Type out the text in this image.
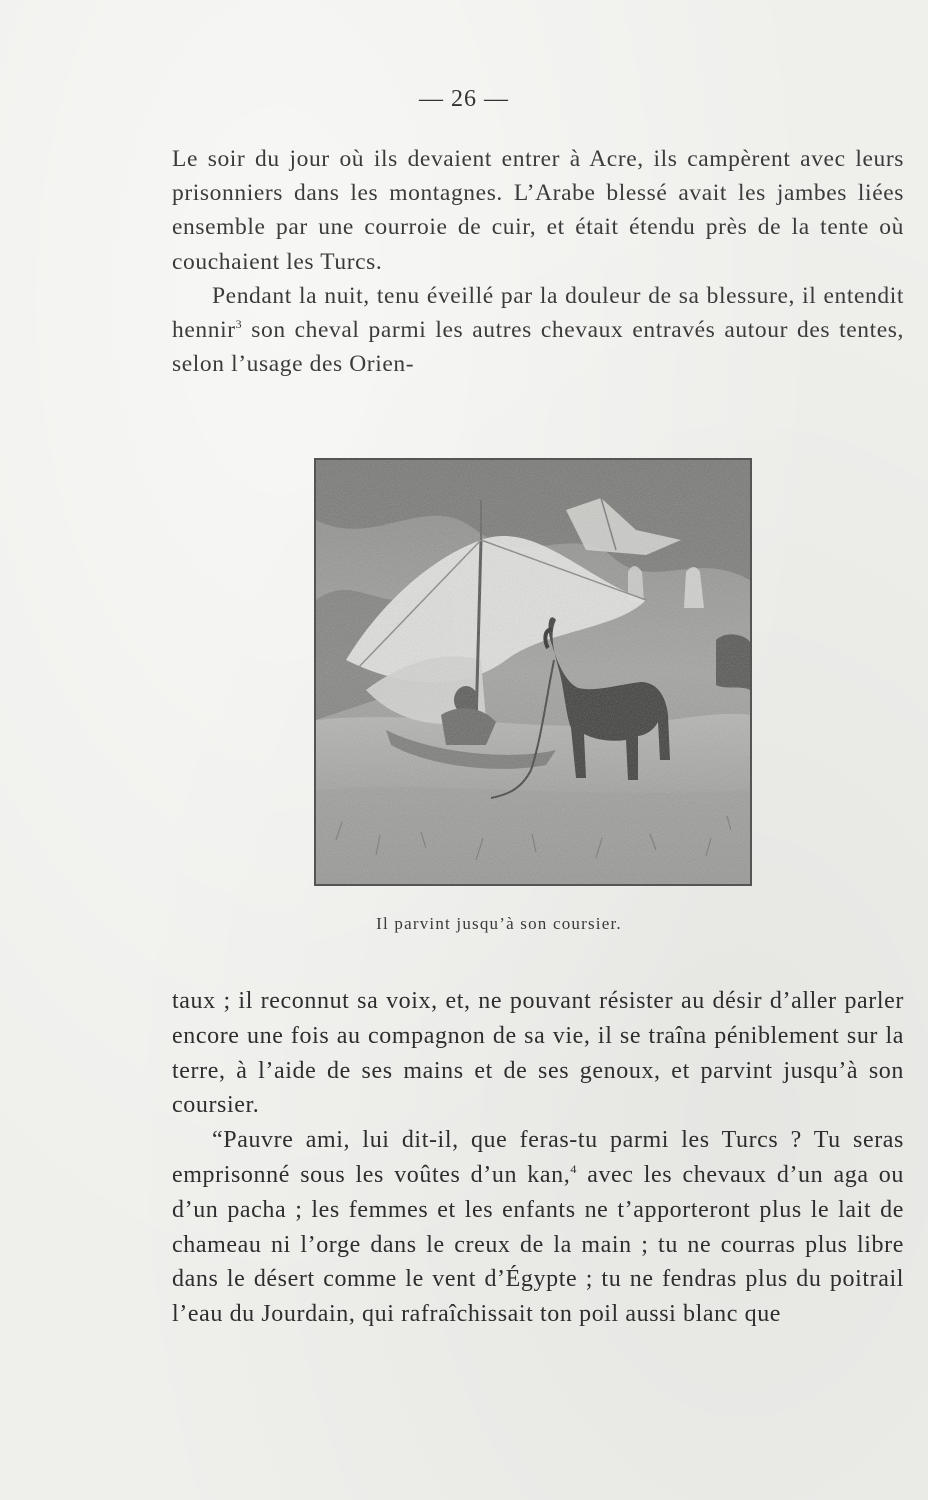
— 26 —

Le soir du jour où ils devaient entrer à Acre, ils campèrent avec leurs prisonniers dans les montagnes. L’Arabe blessé avait les jambes liées ensemble par une courroie de cuir, et était étendu près de la tente où couchaient les Turcs.

Pendant la nuit, tenu éveillé par la douleur de sa blessure, il entendit hennir$^3$ son cheval parmi les autres chevaux entravés autour des tentes, selon l’usage des Orien-

Il parvint jusqu’à son coursier.

taux ; il reconnut sa voix, et, ne pouvant résister au désir d’aller parler encore une fois au compagnon de sa vie, il se traîna péniblement sur la terre, à l’aide de ses mains et de ses genoux, et parvint jusqu’à son coursier.

“Pauvre ami, lui dit-il, que feras-tu parmi les Turcs ? Tu seras emprisonné sous les voûtes d’un kan,$^4$ avec les chevaux d’un aga ou d’un pacha ; les femmes et les enfants ne t’apporteront plus le lait de chameau ni l’orge dans le creux de la main ; tu ne courras plus libre dans le désert comme le vent d’Égypte ; tu ne fendras plus du poitrail l’eau du Jourdain, qui rafraîchissait ton poil aussi blanc que
